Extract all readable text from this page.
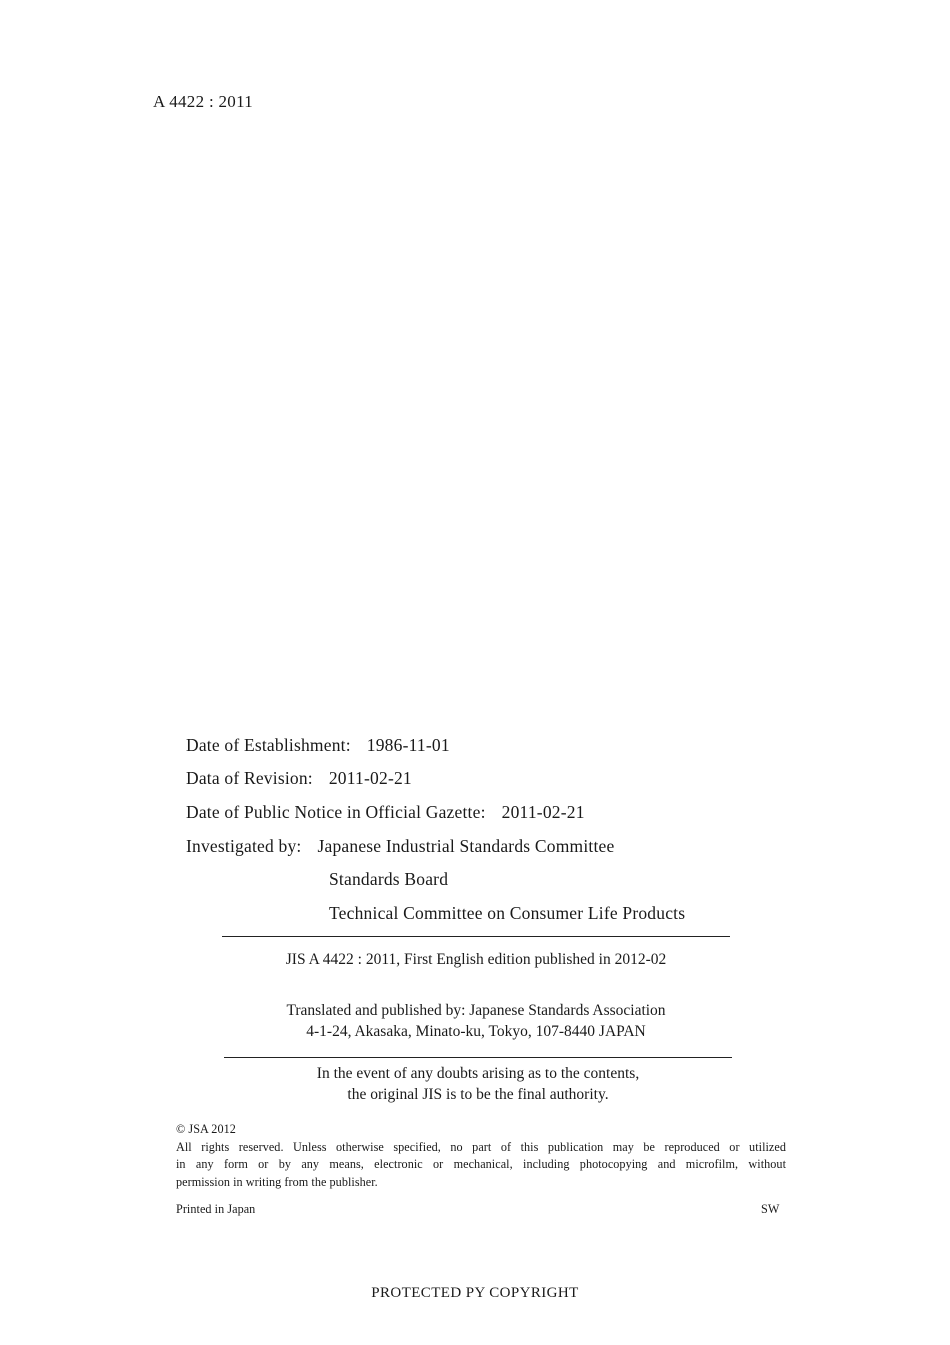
A 4422 : 2011
Date of Establishment: 1986-11-01
Data of Revision: 2011-02-21
Date of Public Notice in Official Gazette: 2011-02-21
Investigated by: Japanese Industrial Standards Committee
Standards Board
Technical Committee on Consumer Life Products
JIS A 4422 : 2011, First English edition published in 2012-02
Translated and published by: Japanese Standards Association
4-1-24, Akasaka, Minato-ku, Tokyo, 107-8440 JAPAN
In the event of any doubts arising as to the contents,
the original JIS is to be the final authority.
© JSA 2012
All rights reserved. Unless otherwise specified, no part of this publication may be reproduced or utilized
in any form or by any means, electronic or mechanical, including photocopying and microfilm, without
permission in writing from the publisher.
Printed in Japan	SW
PROTECTED PY COPYRIGHT
